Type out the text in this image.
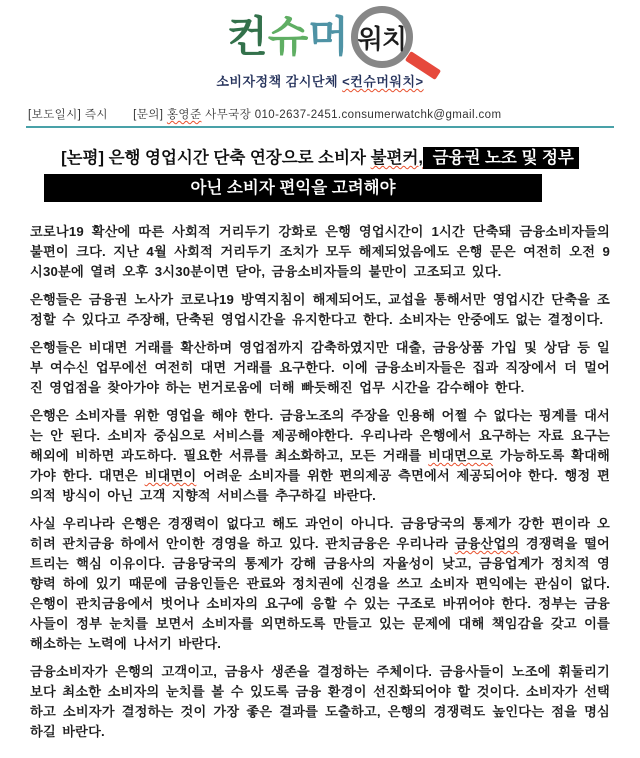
컨 슈 머 워치
소비자정책 감시단체 <컨슈머워치>
[보도일시] 즉시 [문의] 홍영준 사무국장 010-2637-2451.consumerwatchk@gmail.com
[논평] 은행 영업시간 단축 연장으로 소비자 불편커, 금융권 노조 및 정부
아닌 소비자 편익을 고려해야

코로나19 확산에 따른 사회적 거리두기 강화로 은행 영업시간이 1시간 단축돼 금융소비자들의 불편이 크다. 지난 4월 사회적 거리두기 조치가 모두 해제되었음에도 은행 문은 여전히 오전 9시30분에 열려 오후 3시30분이면 닫아, 금융소비자들의 불만이 고조되고 있다.

은행들은 금융권 노사가 코로나19 방역지침이 해제되어도, 교섭을 통해서만 영업시간 단축을 조정할 수 있다고 주장해, 단축된 영업시간을 유지한다고 한다. 소비자는 안중에도 없는 결정이다.

은행들은 비대면 거래를 확산하며 영업점까지 감축하였지만 대출, 금융상품 가입 및 상담 등 일부 여수신 업무에선 여전히 대면 거래를 요구한다. 이에 금융소비자들은 집과 직장에서 더 멀어진 영업점을 찾아가야 하는 번거로움에 더해 빠듯해진 업무 시간을 감수해야 한다.

은행은 소비자를 위한 영업을 해야 한다. 금융노조의 주장을 인용해 어쩔 수 없다는 핑계를 대서는 안 된다. 소비자 중심으로 서비스를 제공해야한다. 우리나라 은행에서 요구하는 자료 요구는 해외에 비하면 과도하다. 필요한 서류를 최소화하고, 모든 거래를 비대면으로 가능하도록 확대해가야 한다. 대면은 비대면이 어려운 소비자를 위한 편의제공 측면에서 제공되어야 한다. 행정 편의적 방식이 아닌 고객 지향적 서비스를 추구하길 바란다.

사실 우리나라 은행은 경쟁력이 없다고 해도 과언이 아니다. 금융당국의 통제가 강한 편이라 오히려 관치금융 하에서 안이한 경영을 하고 있다. 관치금융은 우리나라 금융산업의 경쟁력을 떨어트리는 핵심 이유이다. 금융당국의 통제가 강해 금융사의 자율성이 낮고, 금융업계가 정치적 영향력 하에 있기 때문에 금융인들은 관료와 정치권에 신경을 쓰고 소비자 편익에는 관심이 없다. 은행이 관치금융에서 벗어나 소비자의 요구에 응할 수 있는 구조로 바뀌어야 한다. 정부는 금융사들이 정부 눈치를 보면서 소비자를 외면하도록 만들고 있는 문제에 대해 책임감을 갖고 이를 해소하는 노력에 나서기 바란다.

금융소비자가 은행의 고객이고, 금융사 생존을 결정하는 주체이다. 금융사들이 노조에 휘둘리기보다 최소한 소비자의 눈치를 볼 수 있도록 금융 환경이 선진화되어야 할 것이다. 소비자가 선택하고 소비자가 결정하는 것이 가장 좋은 결과를 도출하고, 은행의 경쟁력도 높인다는 점을 명심하길 바란다.
